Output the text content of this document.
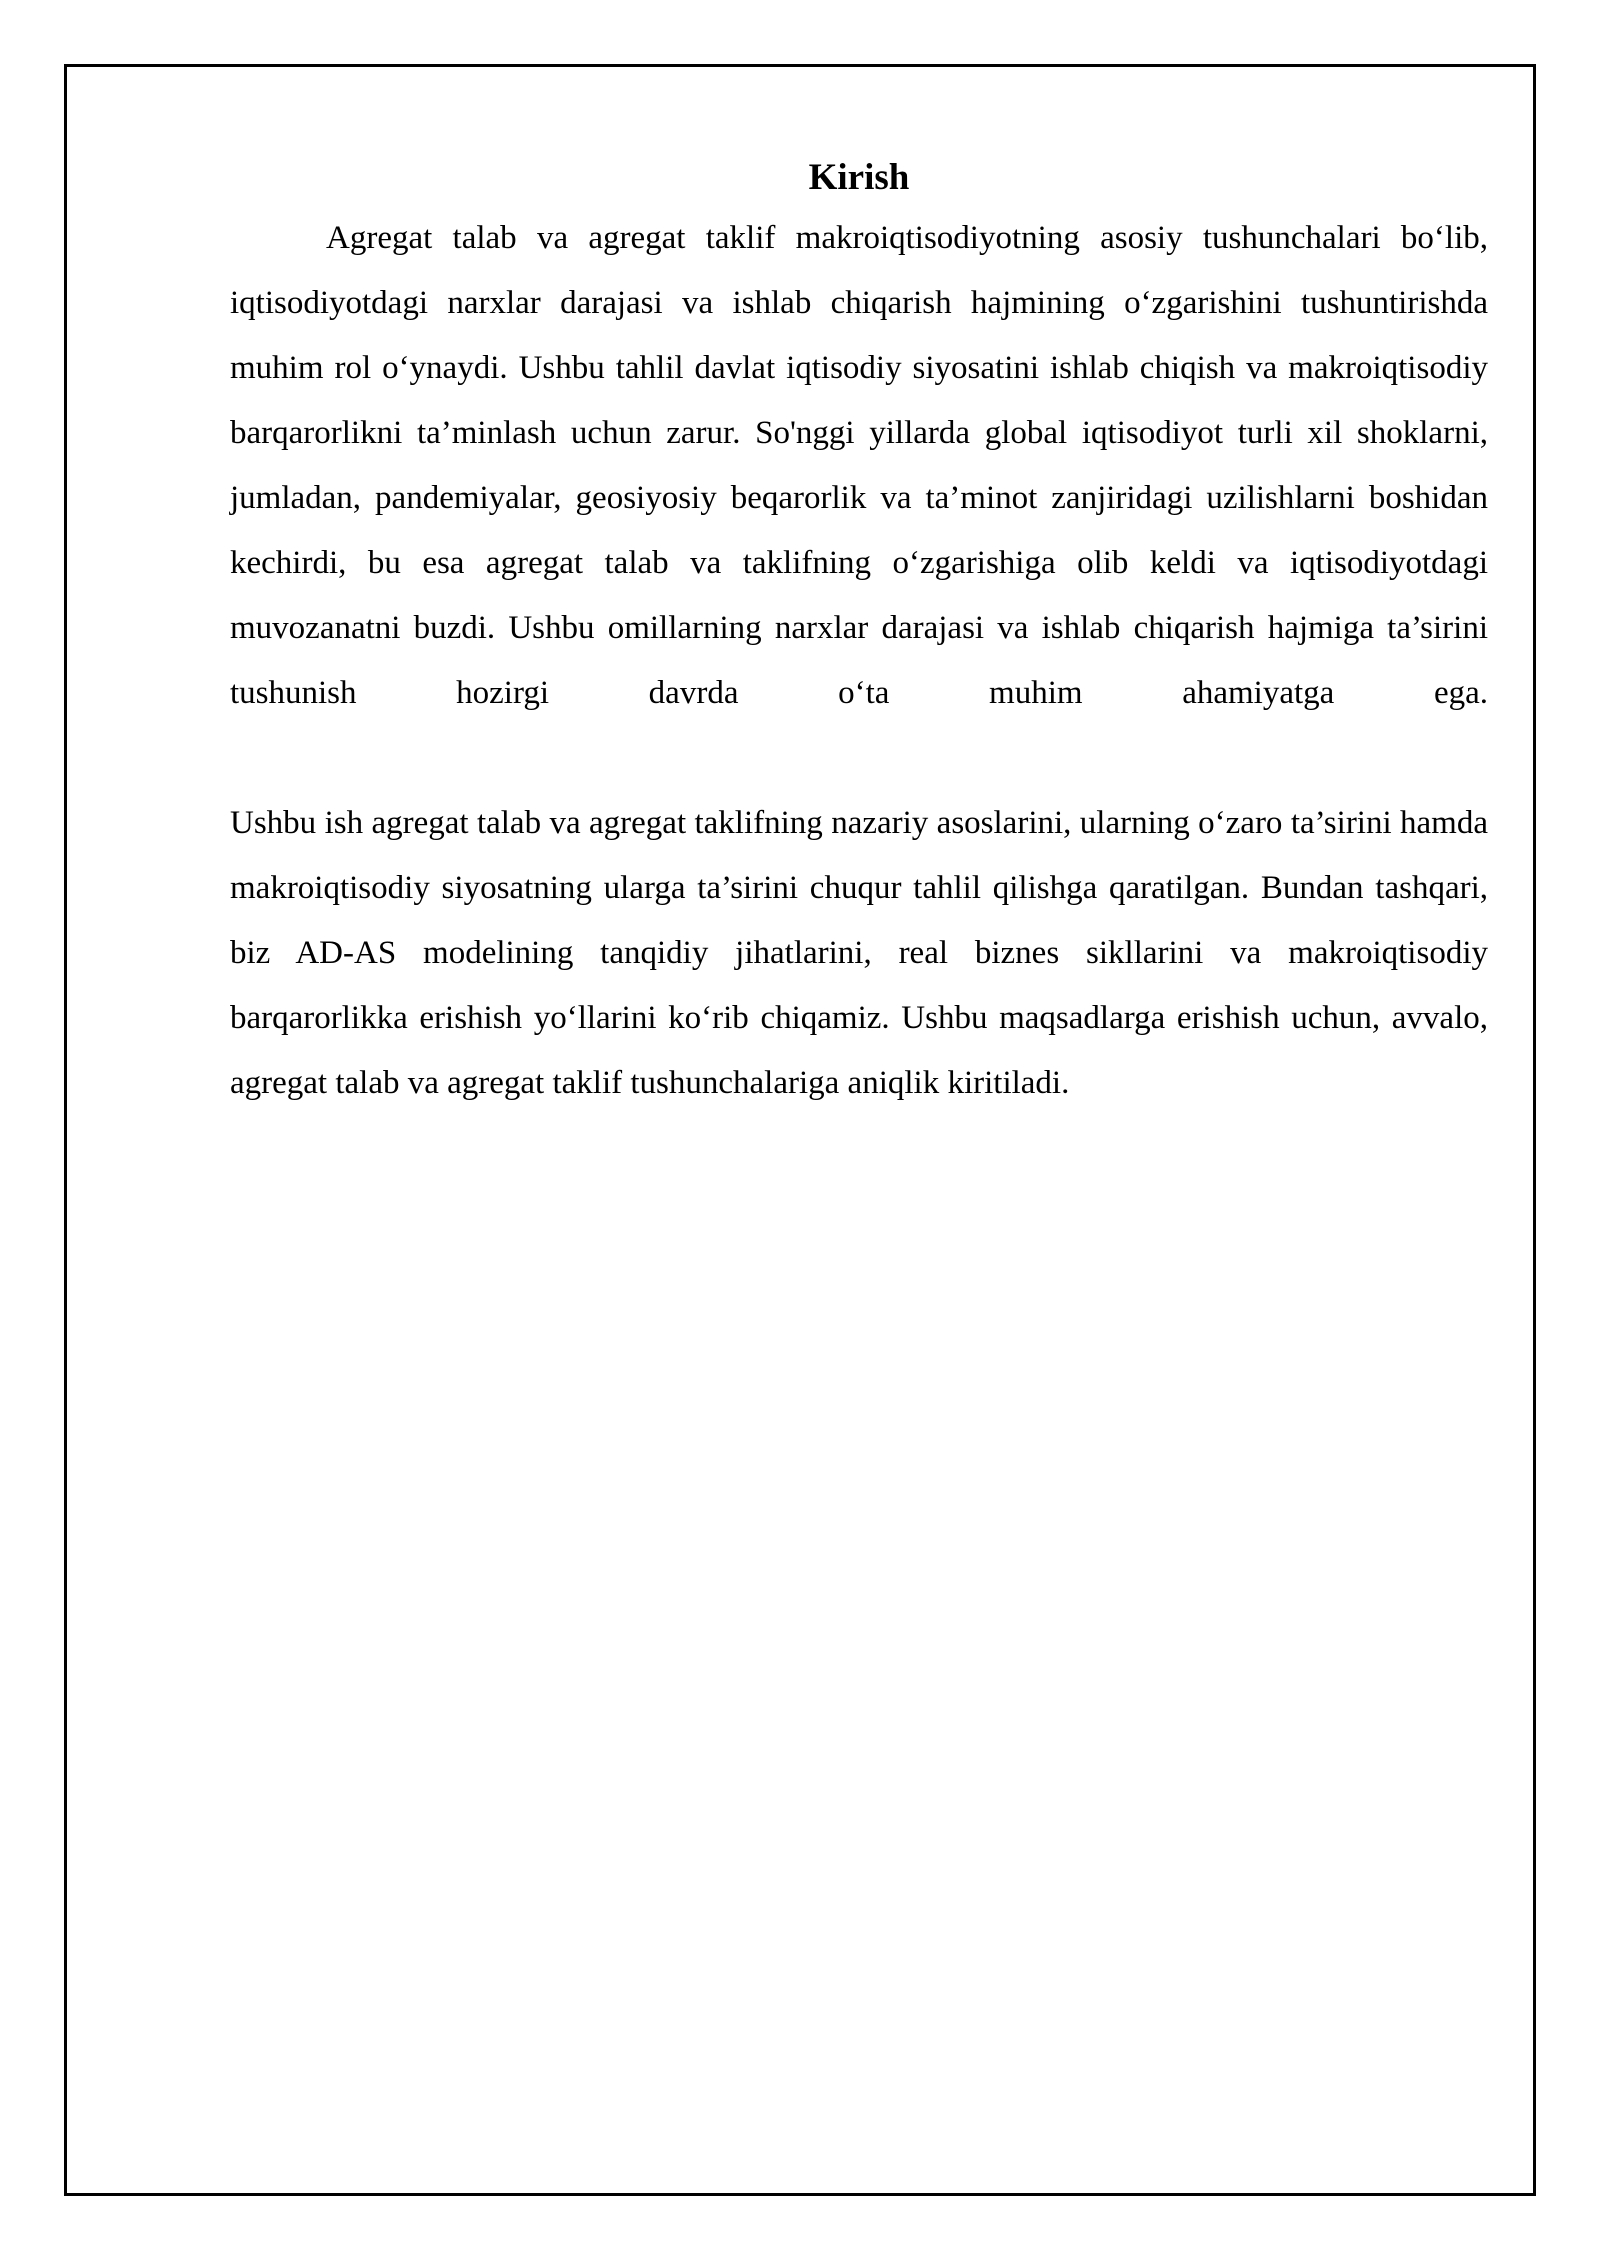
Kirish

Agregat talab va agregat taklif makroiqtisodiyotning asosiy tushunchalari bo‘lib, iqtisodiyotdagi narxlar darajasi va ishlab chiqarish hajmining o‘zgarishini tushuntirishda muhim rol o‘ynaydi. Ushbu tahlil davlat iqtisodiy siyosatini ishlab chiqish va makroiqtisodiy barqarorlikni ta’minlash uchun zarur. So'nggi yillarda global iqtisodiyot turli xil shoklarni, jumladan, pandemiyalar, geosiyosiy beqarorlik va ta’minot zanjiridagi uzilishlarni boshidan kechirdi, bu esa agregat talab va taklifning o‘zgarishiga olib keldi va iqtisodiyotdagi muvozanatni buzdi. Ushbu omillarning narxlar darajasi va ishlab chiqarish hajmiga ta’sirini tushunish hozirgi davrda o‘ta muhim ahamiyatga ega.

Ushbu ish agregat talab va agregat taklifning nazariy asoslarini, ularning o‘zaro ta’sirini hamda makroiqtisodiy siyosatning ularga ta’sirini chuqur tahlil qilishga qaratilgan. Bundan tashqari, biz AD-AS modelining tanqidiy jihatlarini, real biznes sikllarini va makroiqtisodiy barqarorlikka erishish yo‘llarini ko‘rib chiqamiz. Ushbu maqsadlarga erishish uchun, avvalo, agregat talab va agregat taklif tushunchalariga aniqlik kiritiladi.
